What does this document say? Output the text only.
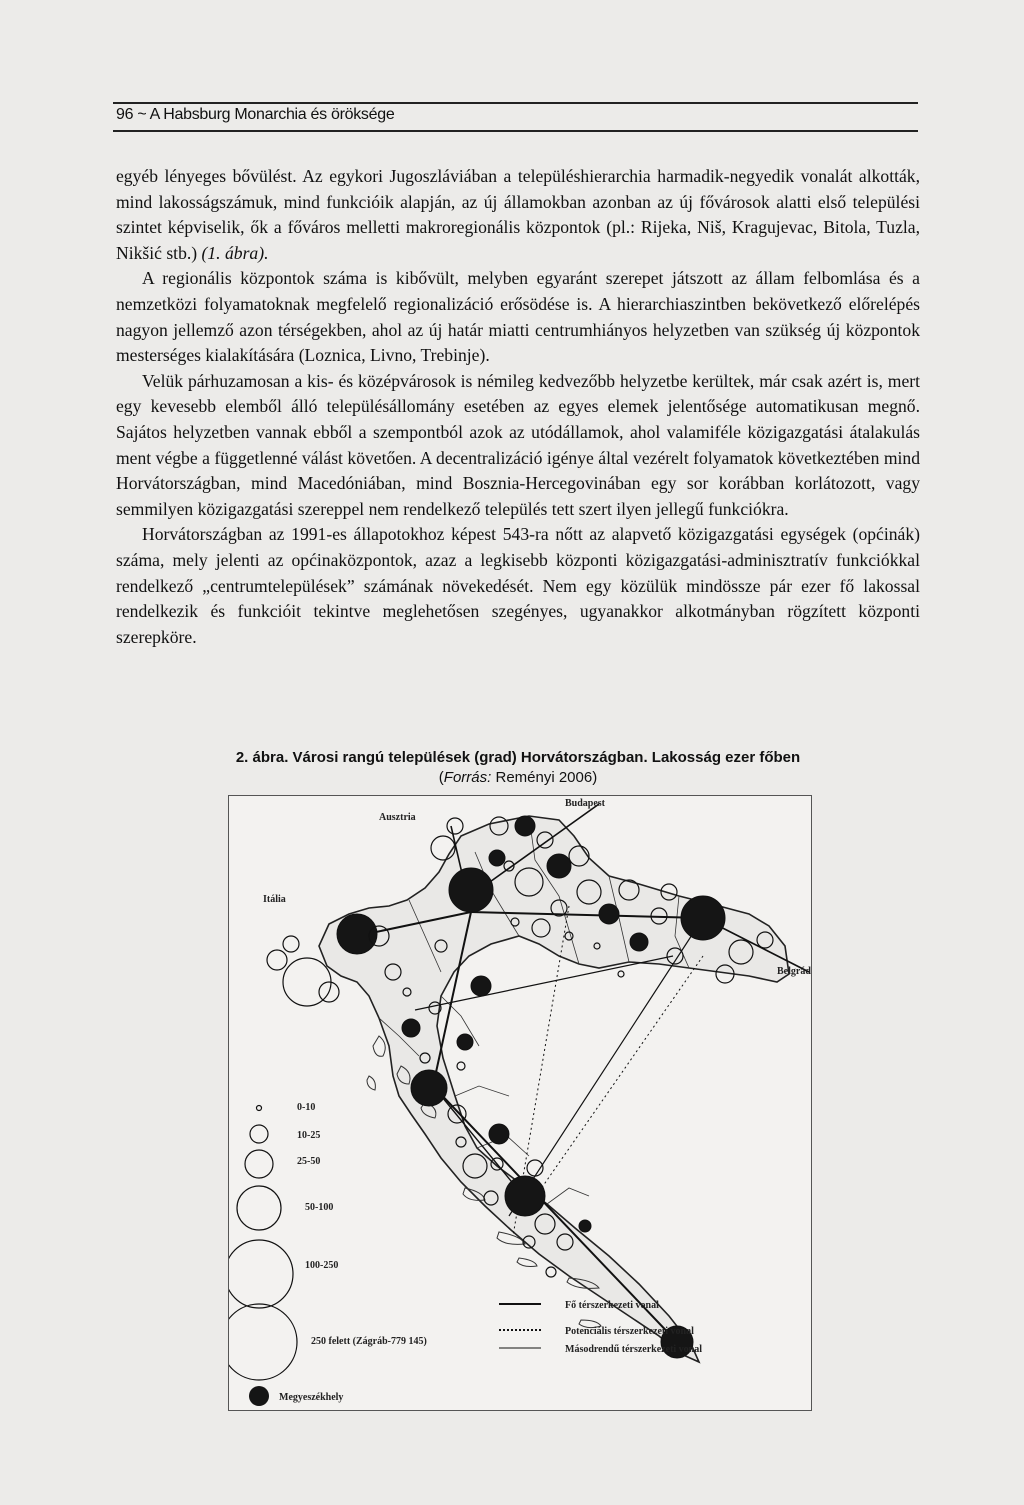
96 ~ A Habsburg Monarchia és öröksége

egyéb lényeges bővülést. Az egykori Jugoszláviában a településhierarchia harmadik-negyedik vonalát alkották, mind lakosságszámuk, mind funkcióik alapján, az új államokban azonban az új fővárosok alatti első települési szintet képviselik, ők a főváros melletti makroregionális központok (pl.: Rijeka, Niš, Kragujevac, Bitola, Tuzla, Nikšić stb.) (1. ábra).

A regionális központok száma is kibővült, melyben egyaránt szerepet játszott az állam felbomlása és a nemzetközi folyamatoknak megfelelő regionalizáció erősödése is. A hierarchiaszintben bekövetkező előrelépés nagyon jellemző azon térségekben, ahol az új határ miatti centrumhiányos helyzetben van szükség új központok mesterséges kialakítására (Loznica, Livno, Trebinje).

Velük párhuzamosan a kis- és középvárosok is némileg kedvezőbb helyzetbe kerültek, már csak azért is, mert egy kevesebb elemből álló településállomány esetében az egyes elemek jelentősége automatikusan megnő. Sajátos helyzetben vannak ebből a szempontból azok az utódállamok, ahol valamiféle közigazgatási átalakulás ment végbe a függetlenné válást követően. A decentralizáció igénye által vezérelt folyamatok következtében mind Horvátországban, mind Macedóniában, mind Bosznia-Hercegovinában egy sor korábban korlátozott, vagy semmilyen közigazgatási szereppel nem rendelkező település tett szert ilyen jellegű funkciókra.

Horvátországban az 1991-es állapotokhoz képest 543-ra nőtt az alapvető közigazgatási egységek (općinák) száma, mely jelenti az općinaközpontok, azaz a legkisebb központi közigazgatási-adminisztratív funkciókkal rendelkező „centrumtelepülések” számának növekedését. Nem egy közülük mindössze pár ezer fő lakossal rendelkezik és funkcióit tekintve meglehetősen szegényes, ugyanakkor alkotmányban rögzített központi szerepköre.

2. ábra. Városi rangú települések (grad) Horvátországban. Lakosság ezer főben
(Forrás: Reményi 2006)
Ausztria
Budapest
Itália
Belgrád
0-10
10-25
25-50
50-100
100-250
250 felett (Zágráb-779 145)
Megyeszékhely
Fő térszerkezeti vonal
Potenciális térszerkezeti vonal
Másodrendű térszerkezeti vonal
